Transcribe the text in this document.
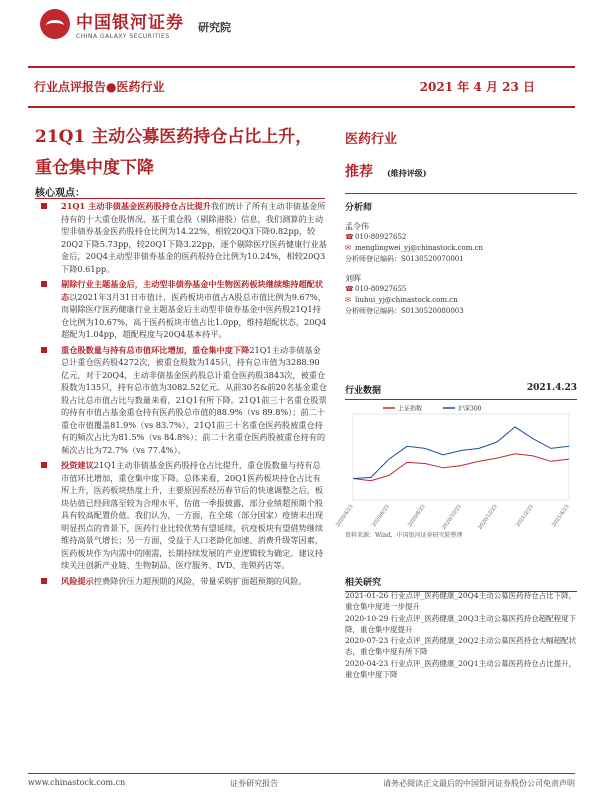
中国银河证券
CHINA GALAXY SECURITIES
研究院
行业点评报告●医药行业	2021 年 4 月 23 日
21Q1 主动公募医药持仓占比上升，
重仓集中度下降
核心观点：
21Q1 主动非债基金医药股持仓占比提升我们统计了所有主动非债基金所持有的十大重仓股情况，基于重仓股（剔除港股）信息，我们测算的主动型非债券基金医药股持仓比例为14.22%，相较20Q3下降0.82pp，较20Q2下降5.73pp，较20Q1下降3.22pp，逐个剔除医疗医药健康行业基金后，20Q4主动型非债券基金的医药股持仓比例为10.24%，相较20Q3下降0.61pp。
剔除行业主题基金后，主动型非债券基金中生物医药板块继续维持超配状态以2021年3月31日市值计，医药板块市值占A股总市值比例为9.67%，而剔除医疗医药健康行业主题基金后主动型非债券基金中医药股21Q1持仓比例为10.67%，高于医药板块市值占比1.0pp，维持超配状态，20Q4超配为1.04pp，超配程度与20Q4基本持平。
重仓股数量与持有总市值环比增加，重仓集中度下降21Q1主动非债基金总计重仓医药股4272次，被重仓股数为145只，持有总市值为3288.90亿元，对于20Q4，主动非债基金医药股总计重仓医药股3843次，被重仓股数为135只，持有总市值为3082.52亿元。从前30名&前20名基金重仓股占比总市值占比与数量来看，21Q1有所下降。21Q1前三十名重仓股票的持有市值占基金重仓持有医药股总市值的88.9%（vs 89.8%）；前二十重仓市值覆盖81.9%（vs 83.7%），21Q1前三十名重仓医药股被重仓持有的频次占比为81.5%（vs 84.8%）；前二十名重仓医药股被重仓持有的频次占比为72.7%（vs 77.4%）。
投资建议21Q1主动非债基金医药股持仓占比提升，重仓股数量与持有总市值环比增加，重仓集中度下降。总体来看，20Q1医药板块持仓占比有所上升，医药板块热度上升，主要原因系经历春节后的快速调整之后，板块估值已经回落至较为合理水平，估值一季报披露，部分业绩超预期个股具有较高配置价值。我们认为，一方面，在全球（部分国家）疫情未出现明显拐点的背景下，医药行业比较优势有望延续，抗疫板块有望借势继续维持高景气增长；另一方面，受益于人口老龄化加速、消费升级等因素，医药板块作为内需中的刚需，长期持续发展的产业逻辑较为确定。建议持续关注创新产业链、生物制品、医疗服务、IVD、连锁药店等。
风险提示控费降价压力超预期的风险，带量采购扩面超预期的风险。
医药行业
推荐 (维持评级)
分析师
孟令伟
☎010-80927652
✉ menglingwei_yj@chinastock.com.cn
分析师登记编码：S0130520070001
刘晖
☎010-80927655
✉ liuhui_yj@chinastock.com.cn
分析师登记编码：S0130520080003
行业数据	2021.4.23
上证指数	沪深300
2020/4/23	2020/6/23	2020/8/23	2020/10/23	2020/12/23	2021/2/23	2021/4/23
资料来源：Wind，中国银河证券研究院整理
相关研究
2021-01-26 行业点评_医药健康_20Q4主动公募医药持仓占比下降，重仓集中度进一步提升
2020-10-29 行业点评_医药健康_20Q3主动公募医药持仓超配程度下降，重仓集中度提升
2020-07-23 行业点评_医药健康_20Q2主动公募医药持仓大幅超配状态，重仓集中度有所下降
2020-04-23 行业点评_医药健康_20Q1主动公募医药持仓占比提升，重仓集中度下降
www.chinastock.com.cn	证券研究报告	请务必阅读正文最后的中国银河证券股份公司免责声明
